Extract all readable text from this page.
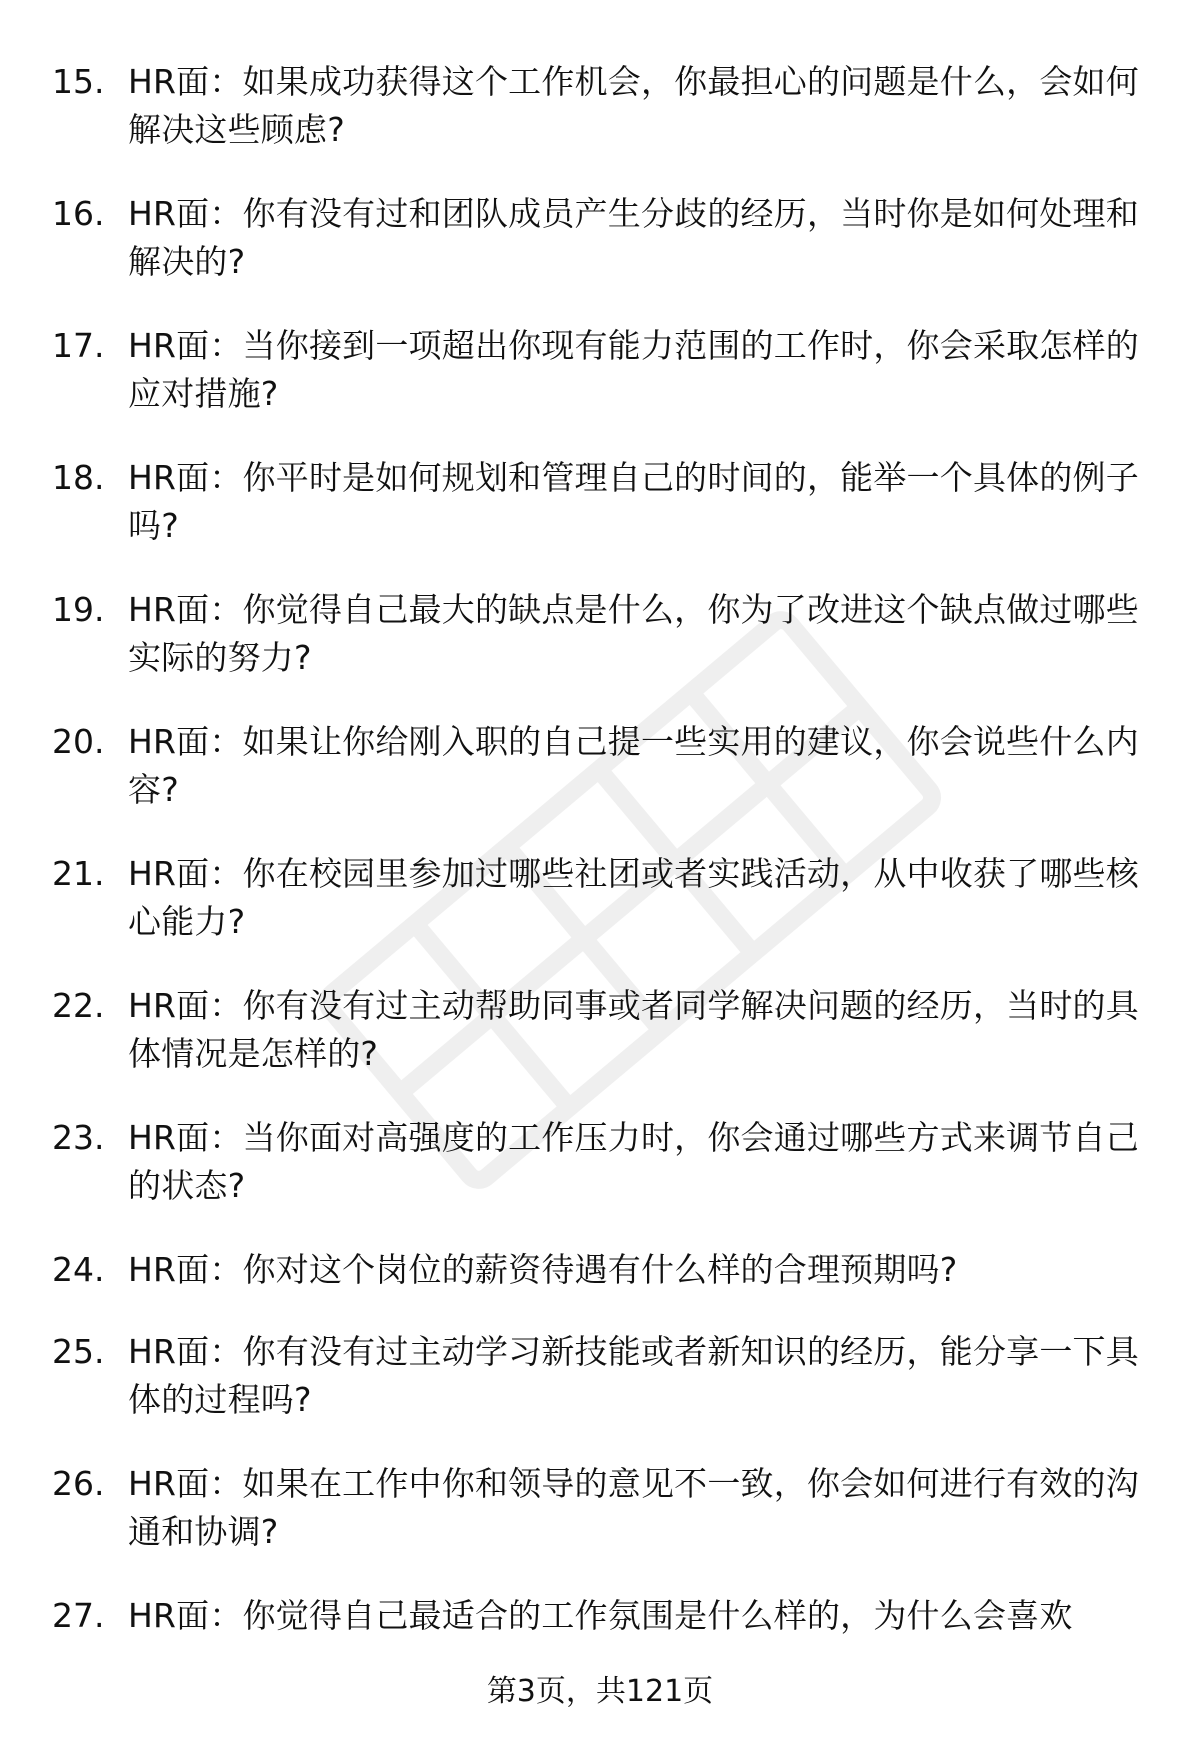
15. HR面：如果成功获得这个工作机会，你最担心的问题是什么，会如何解决这些顾虑?
16. HR面：你有没有过和团队成员产生分歧的经历，当时你是如何处理和解决的?
17. HR面：当你接到一项超出你现有能力范围的工作时，你会采取怎样的应对措施?
18. HR面：你平时是如何规划和管理自己的时间的，能举一个具体的例子吗?
19. HR面：你觉得自己最大的缺点是什么，你为了改进这个缺点做过哪些实际的努力?
20. HR面：如果让你给刚入职的自己提一些实用的建议，你会说些什么内容?
21. HR面：你在校园里参加过哪些社团或者实践活动，从中收获了哪些核心能力?
22. HR面：你有没有过主动帮助同事或者同学解决问题的经历，当时的具体情况是怎样的?
23. HR面：当你面对高强度的工作压力时，你会通过哪些方式来调节自己的状态?
24. HR面：你对这个岗位的薪资待遇有什么样的合理预期吗?
25. HR面：你有没有过主动学习新技能或者新知识的经历，能分享一下具体的过程吗?
26. HR面：如果在工作中你和领导的意见不一致，你会如何进行有效的沟通和协调?
27. HR面：你觉得自己最适合的工作氛围是什么样的，为什么会喜欢
第3页，共121页
